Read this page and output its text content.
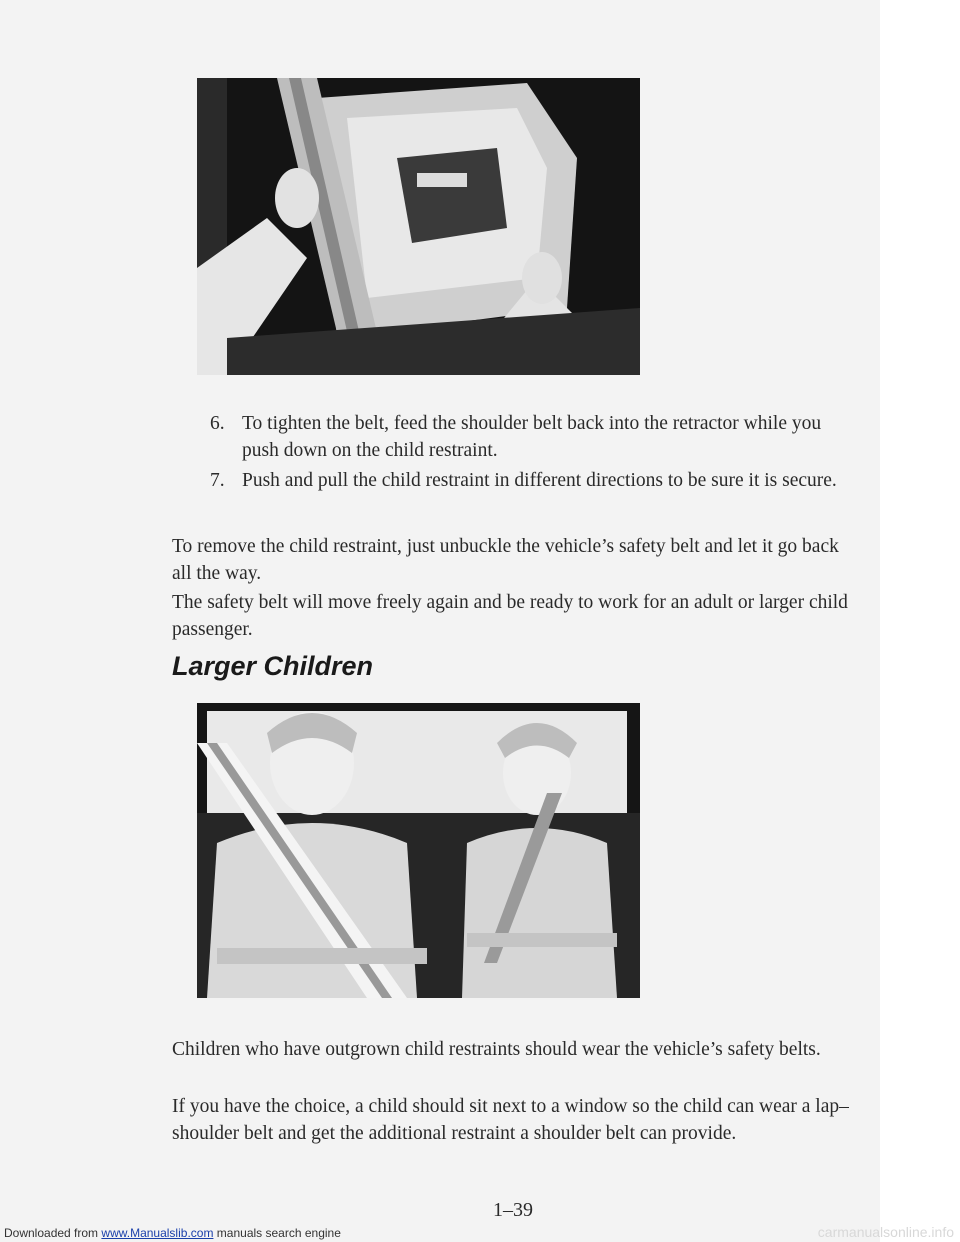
6. To tighten the belt, feed the shoulder belt back into the retractor while you push down on the child restraint.
7. Push and pull the child restraint in different directions to be sure it is secure.

To remove the child restraint, just unbuckle the vehicle’s safety belt and let it go back all the way.

The safety belt will move freely again and be ready to work for an adult or larger child passenger.

Larger Children

Children who have outgrown child restraints should wear the vehicle’s safety belts.

If you have the choice, a child should sit next to a window so the child can wear a lap–shoulder belt and get the additional restraint a shoulder belt can provide.

1–39
Downloaded from www.Manualslib.com manuals search engine	carmanualsonline.info
